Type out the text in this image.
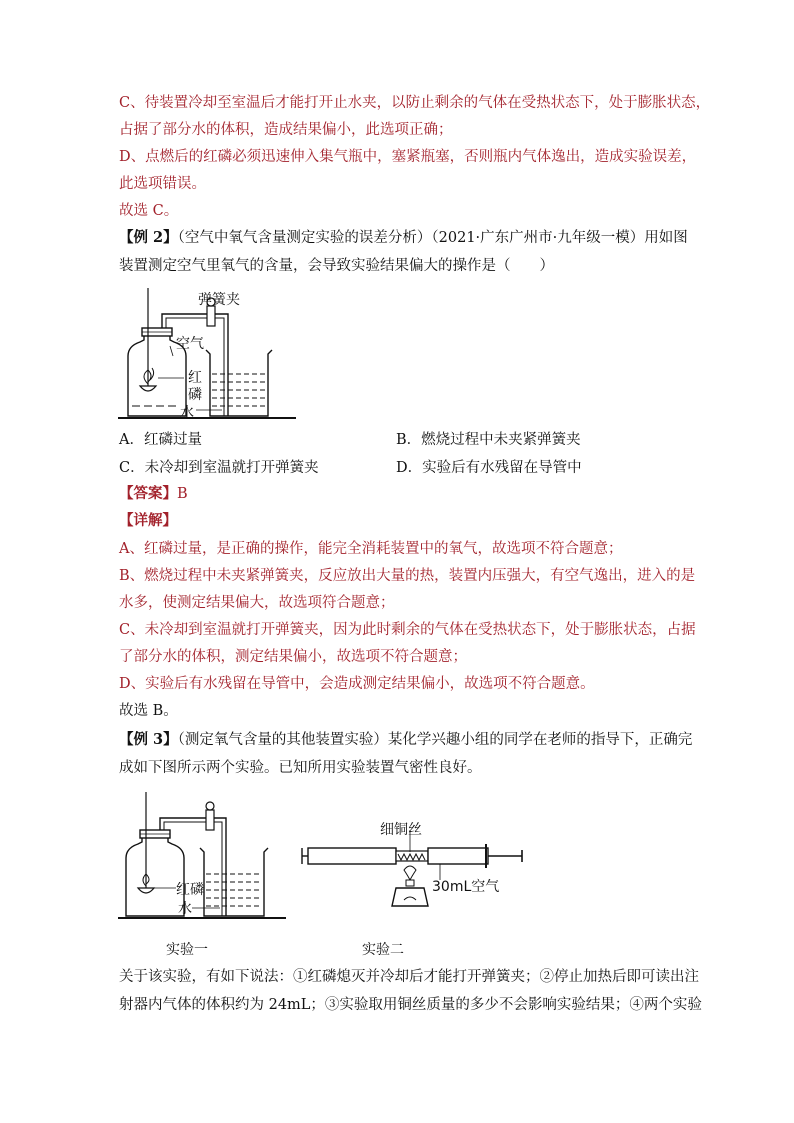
C、待装置冷却至室温后才能打开止水夹，以防止剩余的气体在受热状态下，处于膨胀状态，
占据了部分水的体积，造成结果偏小，此选项正确；
D、点燃后的红磷必须迅速伸入集气瓶中，塞紧瓶塞，否则瓶内气体逸出，造成实验误差，
此选项错误。
故选 C。
【例 2】（空气中氧气含量测定实验的误差分析）（2021·广东广州市·九年级一模）用如图
装置测定空气里氧气的含量，会导致实验结果偏大的操作是（　　）
弹簧夹
空气
红
磷
水
A．红磷过量	B．燃烧过程中未夹紧弹簧夹
C．未冷却到室温就打开弹簧夹	D．实验后有水残留在导管中
【答案】B
【详解】
A、红磷过量，是正确的操作，能完全消耗装置中的氧气，故选项不符合题意；
B、燃烧过程中未夹紧弹簧夹，反应放出大量的热，装置内压强大，有空气逸出，进入的是
水多，使测定结果偏大，故选项符合题意；
C、未冷却到室温就打开弹簧夹，因为此时剩余的气体在受热状态下，处于膨胀状态，占据
了部分水的体积，测定结果偏小，故选项不符合题意；
D、实验后有水残留在导管中，会造成测定结果偏小，故选项不符合题意。
故选 B。
【例 3】（测定氧气含量的其他装置实验）某化学兴趣小组的同学在老师的指导下，正确完
成如下图所示两个实验。已知所用实验装置气密性良好。
红磷
水
实验一
细铜丝
30mL空气
实验二
关于该实验，有如下说法：①红磷熄灭并冷却后才能打开弹簧夹；②停止加热后即可读出注
射器内气体的体积约为 24mL；③实验取用铜丝质量的多少不会影响实验结果；④两个实验
